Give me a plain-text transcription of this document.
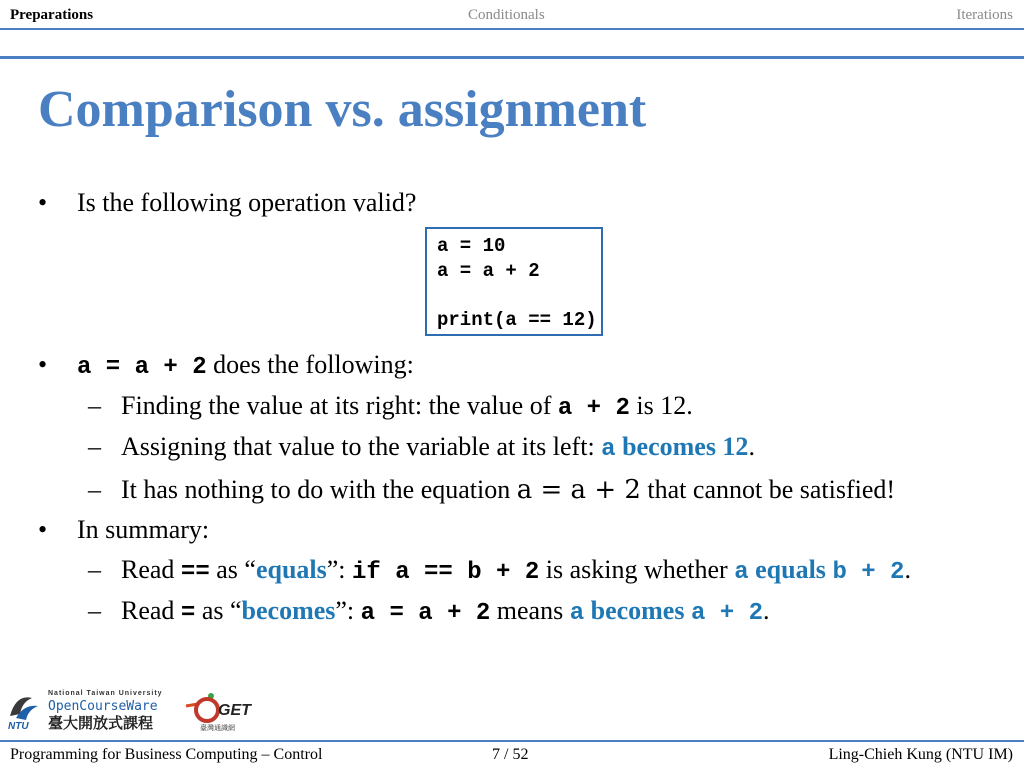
Preparations	Conditionals	Iterations
Comparison vs. assignment
• Is the following operation valid?
a = 10
a = a + 2
print(a == 12)
• a = a + 2 does the following:
– Finding the value at its right: the value of a + 2 is 12.
– Assigning that value to the variable at its left: a becomes 12.
– It has nothing to do with the equation a = a + 2 that cannot be satisfied!
• In summary:
– Read == as “equals”: if a == b + 2 is asking whether a equals b + 2.
– Read = as “becomes”: a = a + 2 means a becomes a + 2.
NTU
National Taiwan University
OpenCourseWare
臺大開放式課程
GET
臺灣通識網
Programming for Business Computing – Control	7 / 52	Ling-Chieh Kung (NTU IM)
